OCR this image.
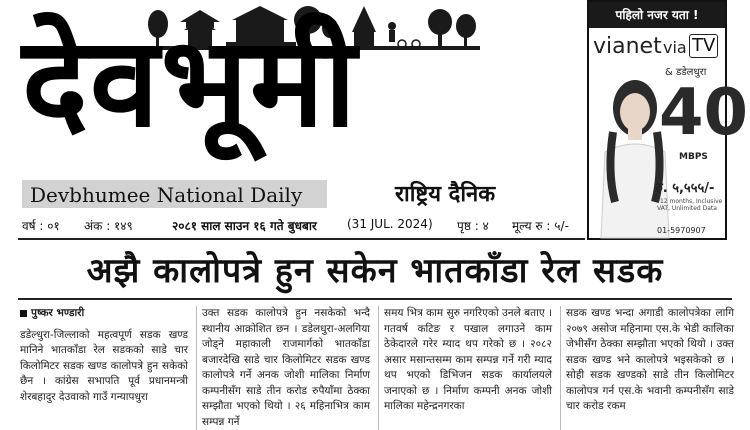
देवभूमी
Devbhumee National Daily	राष्ट्रिय दैनिक
वर्ष : ०१ अंक : १४९	२०८१ साल साउन १६ गते बुधबार	(31 JUL. 2024) पृष्ठ : ४ मूल्य रु : ५/-
पहिलो नजर यता !
vianet via TV
& डडेलधुरा
40
MBPS
रु. ५,५५५/-
*12 months, Inclusive VAT, Unlimited Data
01-5970907
अझै कालोपत्रे हुन सकेन भातकाँडा रेल सडक
पुष्कर भण्डारी

डडेल्धुरा-जिल्लाको महत्वपूर्ण सडक खण्ड मानिने भातकाँडा रेल सडकको साडे चार किलोमिटर सडक खण्ड कालोपत्रे हुन सकेको छैन । कांग्रेस सभापति पूर्व प्रधानमन्त्री शेरबहादुर देउवाको गाउँ गन्यापधुरा

उक्त सडक कालोपत्रे हुन नसकेको भन्दै स्थानीय आक्रोशित छन । डडेलधुरा-अलगिया जोड्ने महाकाली राजमार्गको भातकाँडा बजारदेखि साडे चार किलोमिटर सडक खण्ड कालोपत्रे गर्ने अनक जोशी मालिका निर्माण कम्पनीसँग साडे तीन करोड रुपैयाँमा ठेक्का सम्झौता भएको थियो । २६ महिनाभित्र काम सम्पन्न गर्ने

समय भित्र काम सुरु नगरिएको उनले बताए । गतवर्ष कटिङ र पखाल लगाउने काम ठेकेदारले गरेर म्याद थप गरेको छ । २०८२ असार मसान्तसम्म काम सम्पन्न गर्ने गरी म्याद थप भएको डिभिजन सडक कार्यालयले जनाएको छ । निर्माण कम्पनी अनक जोशी मालिका महेन्द्रनगरका

सडक खण्ड भन्दा अगाडी कालोपत्रेका लागि २०७९ असोज महिनामा एस.के भेडी कालिका जेभीसँग ठेक्का सम्झौता भएको थियो । उक्त सडक खण्ड भने कालोपत्रे भइसकेको छ । सोही सडक खण्डको साडे तीन किलोमिटर कालोपत्र गर्न एस.के भवानी कम्पनीसँग साडे चार करोड रकम
